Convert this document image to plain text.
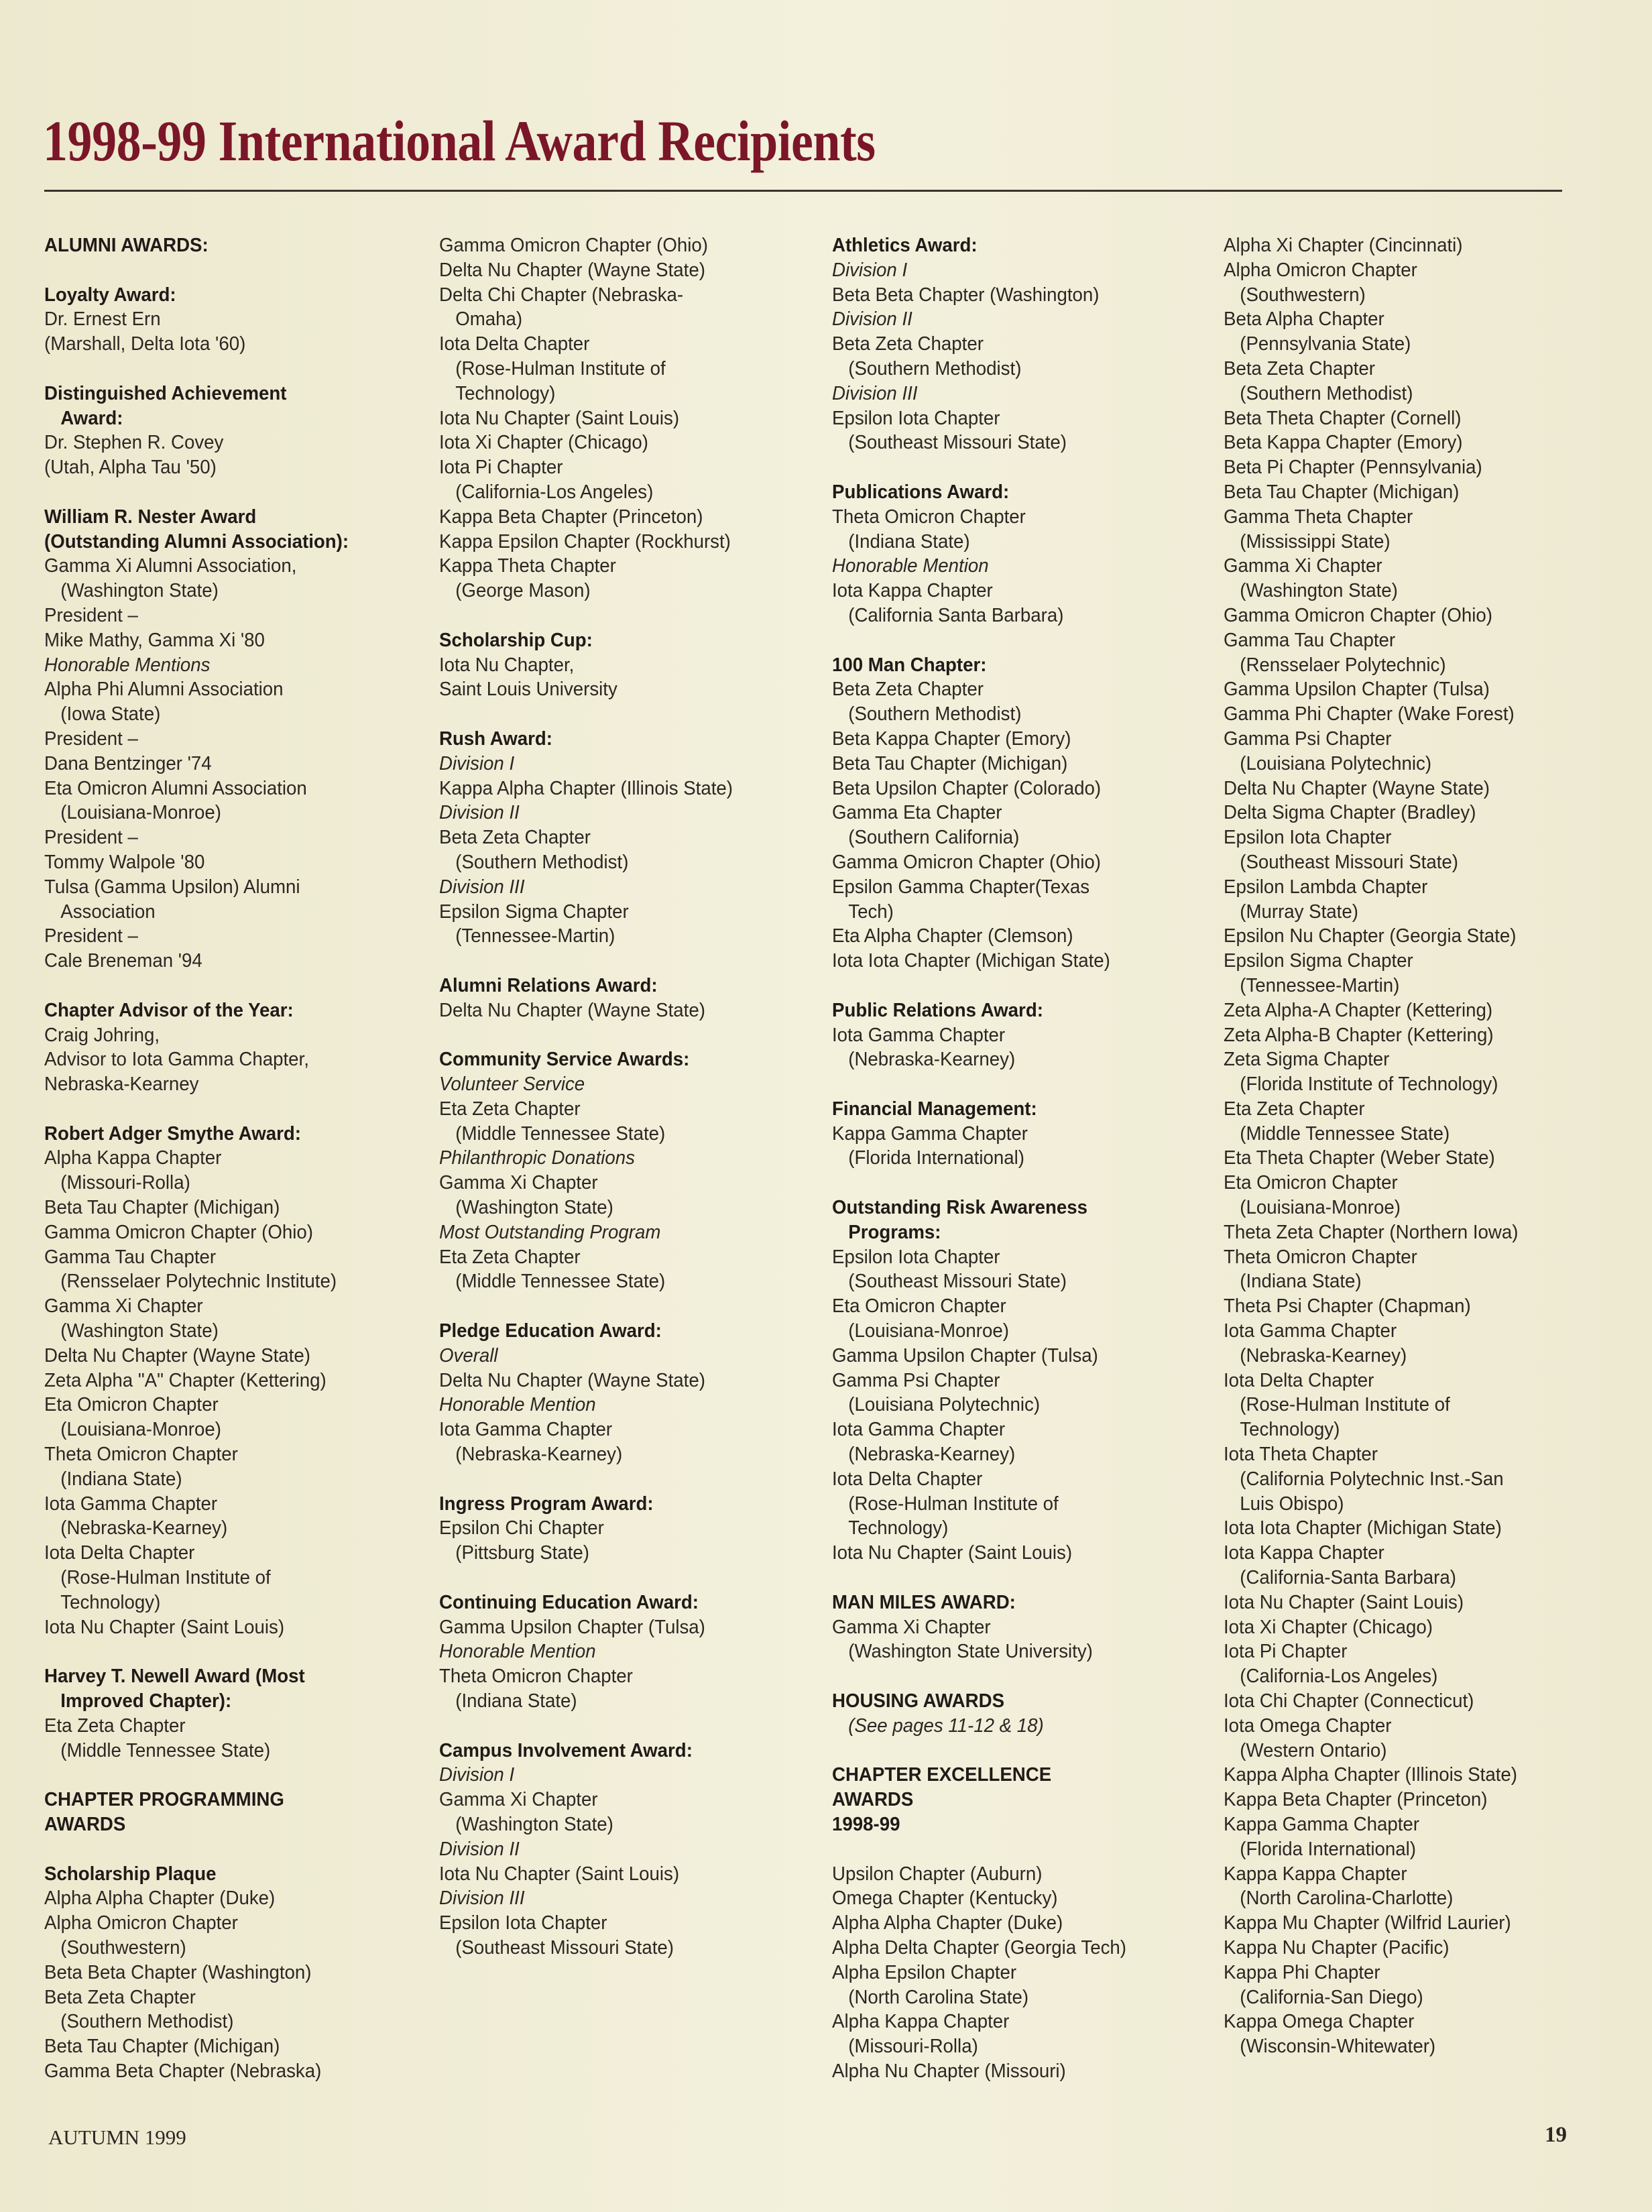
1998-99 International Award Recipients
ALUMNI AWARDS:
Loyalty Award:
Dr. Ernest Ern
(Marshall, Delta Iota '60)
Distinguished Achievement
Award:
Dr. Stephen R. Covey
(Utah, Alpha Tau '50)
William R. Nester Award
(Outstanding Alumni Association):
Gamma Xi Alumni Association,
(Washington State)
President –
Mike Mathy, Gamma Xi '80
Honorable Mentions
Alpha Phi Alumni Association
(Iowa State)
President –
Dana Bentzinger '74
Eta Omicron Alumni Association
(Louisiana-Monroe)
President –
Tommy Walpole '80
Tulsa (Gamma Upsilon) Alumni
Association
President –
Cale Breneman '94
Chapter Advisor of the Year:
Craig Johring,
Advisor to Iota Gamma Chapter,
Nebraska-Kearney
Robert Adger Smythe Award:
Alpha Kappa Chapter
(Missouri-Rolla)
Beta Tau Chapter (Michigan)
Gamma Omicron Chapter (Ohio)
Gamma Tau Chapter
(Rensselaer Polytechnic Institute)
Gamma Xi Chapter
(Washington State)
Delta Nu Chapter (Wayne State)
Zeta Alpha "A" Chapter (Kettering)
Eta Omicron Chapter
(Louisiana-Monroe)
Theta Omicron Chapter
(Indiana State)
Iota Gamma Chapter
(Nebraska-Kearney)
Iota Delta Chapter
(Rose-Hulman Institute of
Technology)
Iota Nu Chapter (Saint Louis)
Harvey T. Newell Award (Most
Improved Chapter):
Eta Zeta Chapter
(Middle Tennessee State)
CHAPTER PROGRAMMING
AWARDS
Scholarship Plaque
Alpha Alpha Chapter (Duke)
Alpha Omicron Chapter
(Southwestern)
Beta Beta Chapter (Washington)
Beta Zeta Chapter
(Southern Methodist)
Beta Tau Chapter (Michigan)
Gamma Beta Chapter (Nebraska)
Gamma Omicron Chapter (Ohio)
Delta Nu Chapter (Wayne State)
Delta Chi Chapter (Nebraska-
Omaha)
Iota Delta Chapter
(Rose-Hulman Institute of
Technology)
Iota Nu Chapter (Saint Louis)
Iota Xi Chapter (Chicago)
Iota Pi Chapter
(California-Los Angeles)
Kappa Beta Chapter (Princeton)
Kappa Epsilon Chapter (Rockhurst)
Kappa Theta Chapter
(George Mason)
Scholarship Cup:
Iota Nu Chapter,
Saint Louis University
Rush Award:
Division I
Kappa Alpha Chapter (Illinois State)
Division II
Beta Zeta Chapter
(Southern Methodist)
Division III
Epsilon Sigma Chapter
(Tennessee-Martin)
Alumni Relations Award:
Delta Nu Chapter (Wayne State)
Community Service Awards:
Volunteer Service
Eta Zeta Chapter
(Middle Tennessee State)
Philanthropic Donations
Gamma Xi Chapter
(Washington State)
Most Outstanding Program
Eta Zeta Chapter
(Middle Tennessee State)
Pledge Education Award:
Overall
Delta Nu Chapter (Wayne State)
Honorable Mention
Iota Gamma Chapter
(Nebraska-Kearney)
Ingress Program Award:
Epsilon Chi Chapter
(Pittsburg State)
Continuing Education Award:
Gamma Upsilon Chapter (Tulsa)
Honorable Mention
Theta Omicron Chapter
(Indiana State)
Campus Involvement Award:
Division I
Gamma Xi Chapter
(Washington State)
Division II
Iota Nu Chapter (Saint Louis)
Division III
Epsilon Iota Chapter
(Southeast Missouri State)
Athletics Award:
Division I
Beta Beta Chapter (Washington)
Division II
Beta Zeta Chapter
(Southern Methodist)
Division III
Epsilon Iota Chapter
(Southeast Missouri State)
Publications Award:
Theta Omicron Chapter
(Indiana State)
Honorable Mention
Iota Kappa Chapter
(California Santa Barbara)
100 Man Chapter:
Beta Zeta Chapter
(Southern Methodist)
Beta Kappa Chapter (Emory)
Beta Tau Chapter (Michigan)
Beta Upsilon Chapter (Colorado)
Gamma Eta Chapter
(Southern California)
Gamma Omicron Chapter (Ohio)
Epsilon Gamma Chapter(Texas
Tech)
Eta Alpha Chapter (Clemson)
Iota Iota Chapter (Michigan State)
Public Relations Award:
Iota Gamma Chapter
(Nebraska-Kearney)
Financial Management:
Kappa Gamma Chapter
(Florida International)
Outstanding Risk Awareness
Programs:
Epsilon Iota Chapter
(Southeast Missouri State)
Eta Omicron Chapter
(Louisiana-Monroe)
Gamma Upsilon Chapter (Tulsa)
Gamma Psi Chapter
(Louisiana Polytechnic)
Iota Gamma Chapter
(Nebraska-Kearney)
Iota Delta Chapter
(Rose-Hulman Institute of
Technology)
Iota Nu Chapter (Saint Louis)
MAN MILES AWARD:
Gamma Xi Chapter
(Washington State University)
HOUSING AWARDS
(See pages 11-12 & 18)
CHAPTER EXCELLENCE
AWARDS
1998-99
Upsilon Chapter (Auburn)
Omega Chapter (Kentucky)
Alpha Alpha Chapter (Duke)
Alpha Delta Chapter (Georgia Tech)
Alpha Epsilon Chapter
(North Carolina State)
Alpha Kappa Chapter
(Missouri-Rolla)
Alpha Nu Chapter (Missouri)
Alpha Xi Chapter (Cincinnati)
Alpha Omicron Chapter
(Southwestern)
Beta Alpha Chapter
(Pennsylvania State)
Beta Zeta Chapter
(Southern Methodist)
Beta Theta Chapter (Cornell)
Beta Kappa Chapter (Emory)
Beta Pi Chapter (Pennsylvania)
Beta Tau Chapter (Michigan)
Gamma Theta Chapter
(Mississippi State)
Gamma Xi Chapter
(Washington State)
Gamma Omicron Chapter (Ohio)
Gamma Tau Chapter
(Rensselaer Polytechnic)
Gamma Upsilon Chapter (Tulsa)
Gamma Phi Chapter (Wake Forest)
Gamma Psi Chapter
(Louisiana Polytechnic)
Delta Nu Chapter (Wayne State)
Delta Sigma Chapter (Bradley)
Epsilon Iota Chapter
(Southeast Missouri State)
Epsilon Lambda Chapter
(Murray State)
Epsilon Nu Chapter (Georgia State)
Epsilon Sigma Chapter
(Tennessee-Martin)
Zeta Alpha-A Chapter (Kettering)
Zeta Alpha-B Chapter (Kettering)
Zeta Sigma Chapter
(Florida Institute of Technology)
Eta Zeta Chapter
(Middle Tennessee State)
Eta Theta Chapter (Weber State)
Eta Omicron Chapter
(Louisiana-Monroe)
Theta Zeta Chapter (Northern Iowa)
Theta Omicron Chapter
(Indiana State)
Theta Psi Chapter (Chapman)
Iota Gamma Chapter
(Nebraska-Kearney)
Iota Delta Chapter
(Rose-Hulman Institute of
Technology)
Iota Theta Chapter
(California Polytechnic Inst.-San
Luis Obispo)
Iota Iota Chapter (Michigan State)
Iota Kappa Chapter
(California-Santa Barbara)
Iota Nu Chapter (Saint Louis)
Iota Xi Chapter (Chicago)
Iota Pi Chapter
(California-Los Angeles)
Iota Chi Chapter (Connecticut)
Iota Omega Chapter
(Western Ontario)
Kappa Alpha Chapter (Illinois State)
Kappa Beta Chapter (Princeton)
Kappa Gamma Chapter
(Florida International)
Kappa Kappa Chapter
(North Carolina-Charlotte)
Kappa Mu Chapter (Wilfrid Laurier)
Kappa Nu Chapter (Pacific)
Kappa Phi Chapter
(California-San Diego)
Kappa Omega Chapter
(Wisconsin-Whitewater)
AUTUMN 1999	19
